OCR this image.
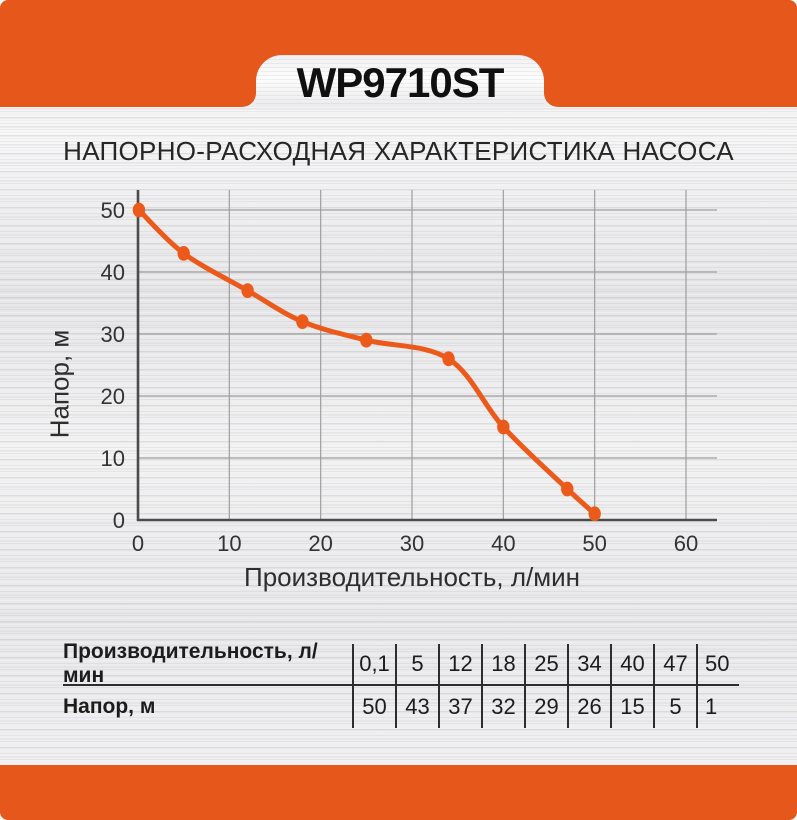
WP9710ST
НАПОРНО-РАСХОДНАЯ ХАРАКТЕРИСТИКА НАСОСА
0	10	20	30	40	50	60
0
10
20
30
40
50
Производительность, л/мин
Напор, м
Производительность, л/мин	0,1 5	12 18 25 34 40 47 50
Напор, м	50 43 37 32 29 26 15	5	1
